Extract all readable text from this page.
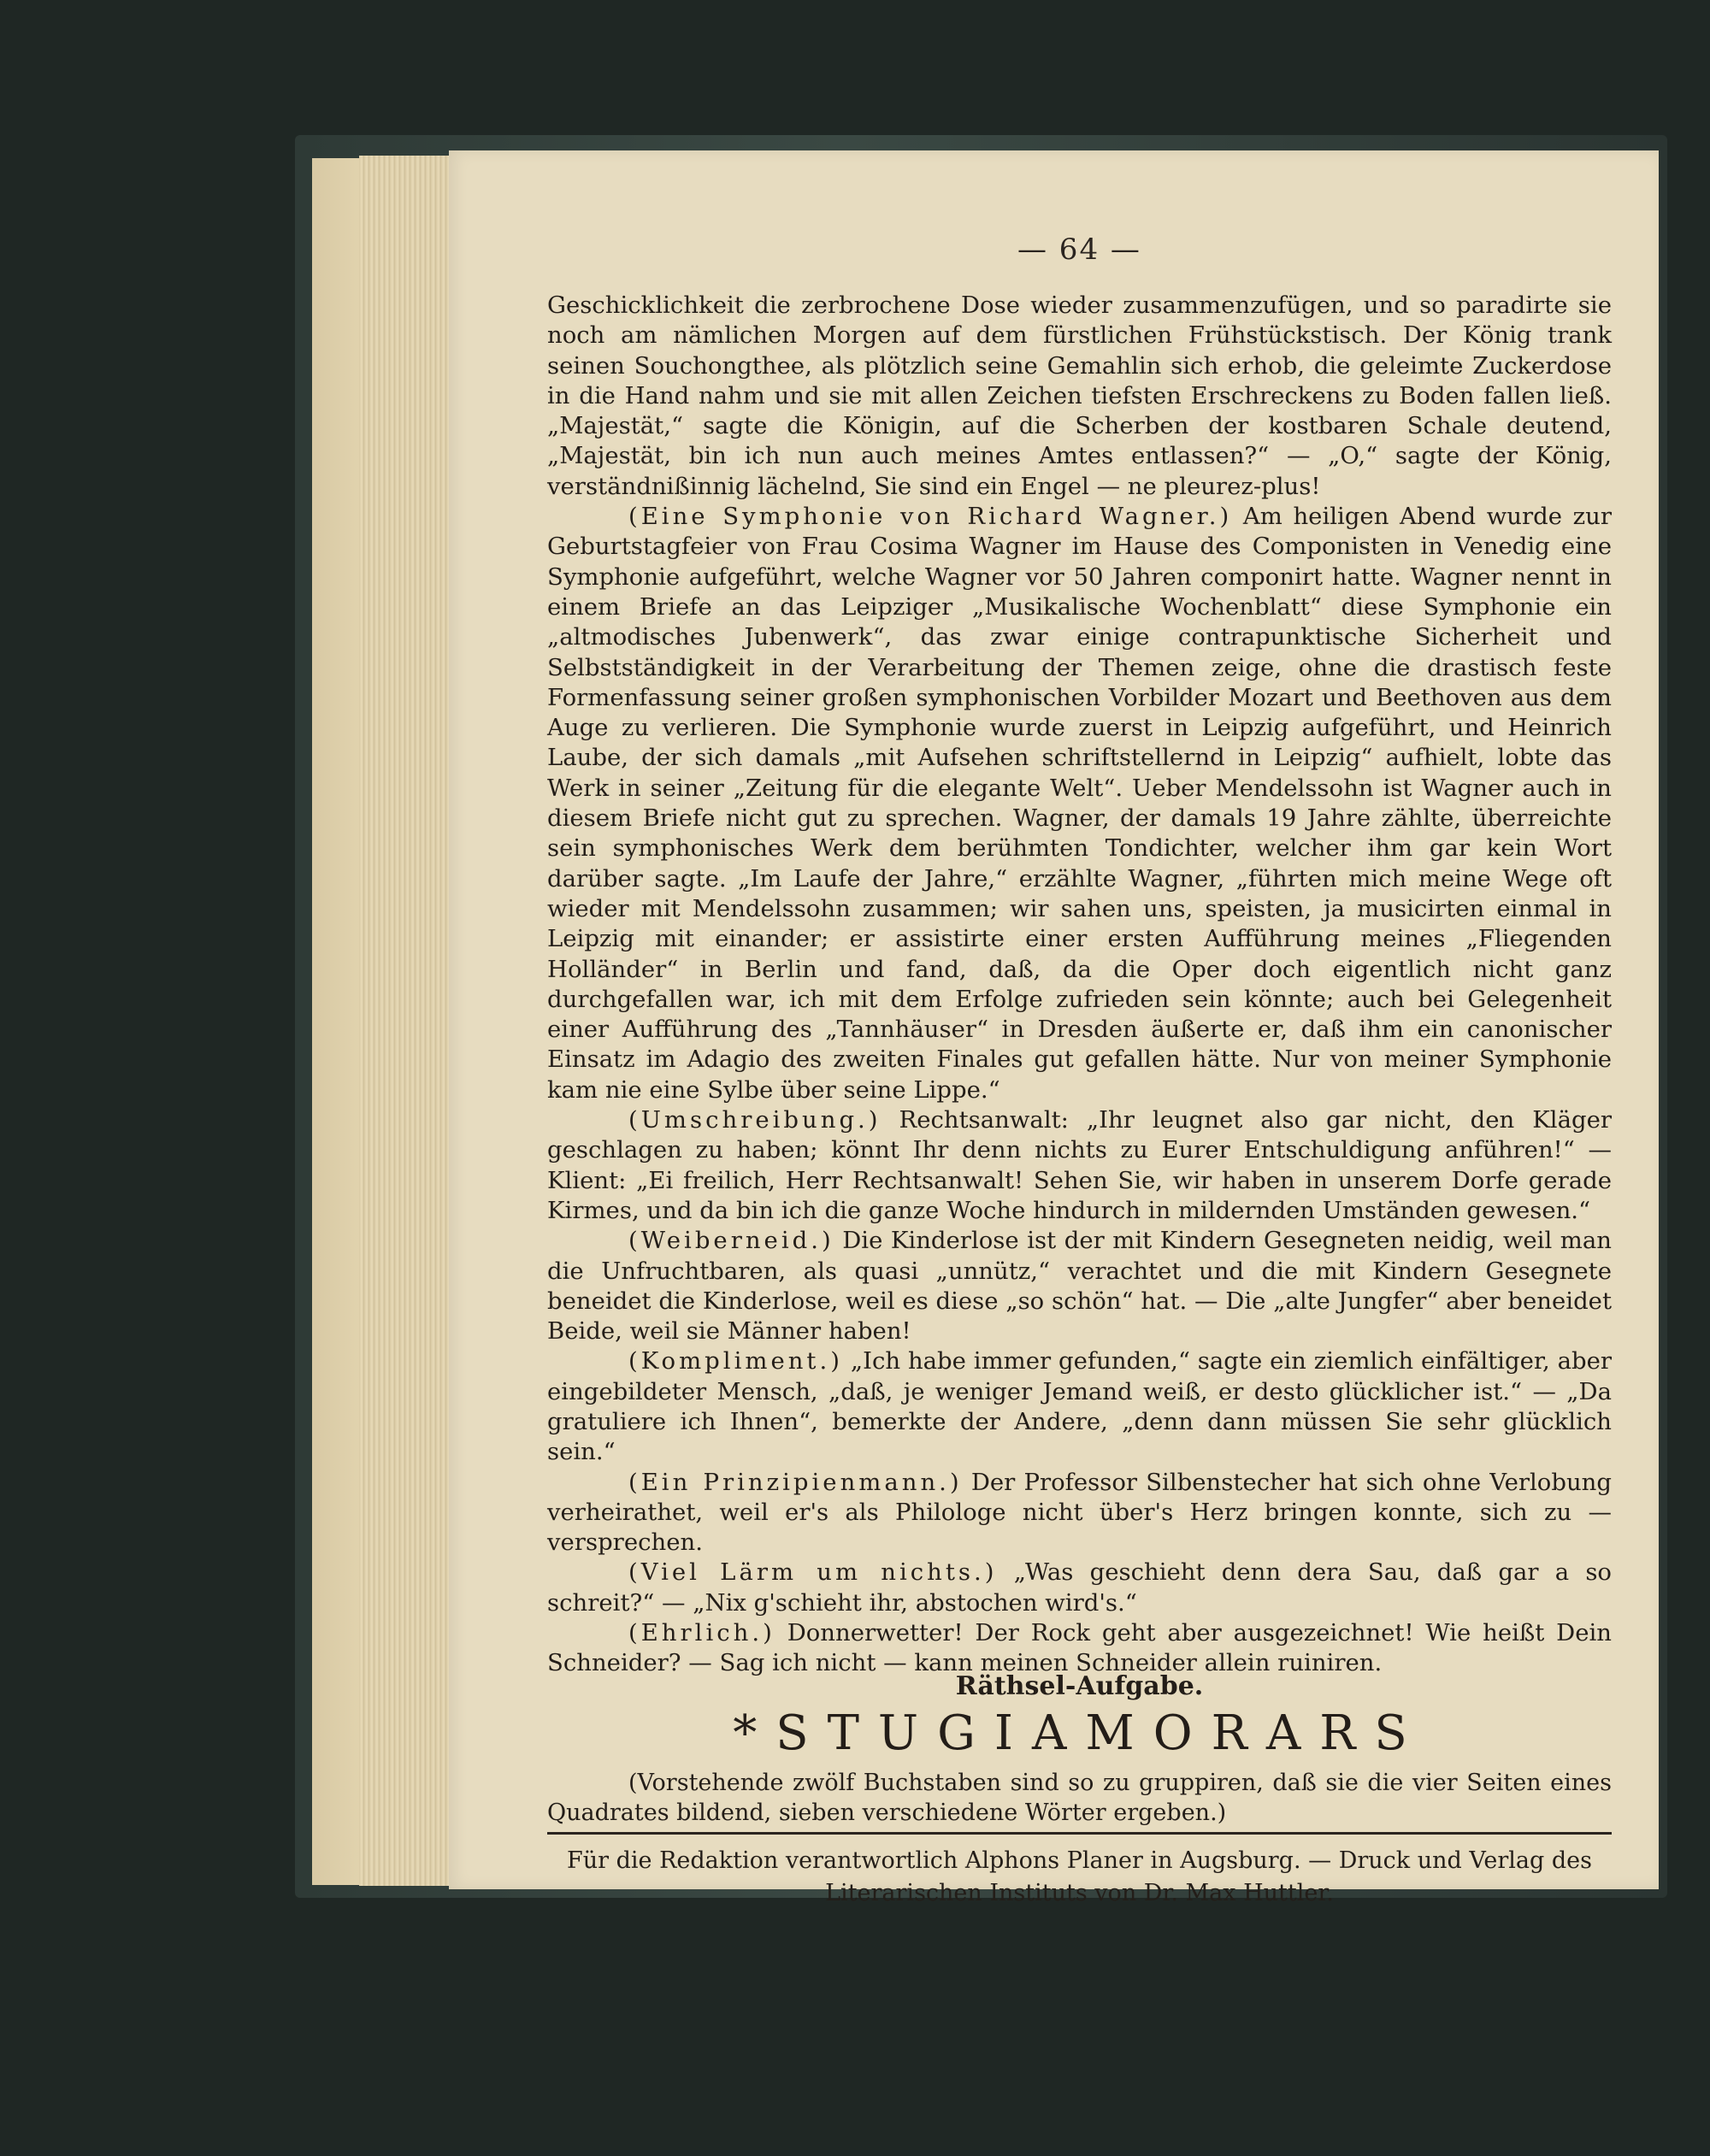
— 64 —

Geschicklichkeit die zerbrochene Dose wieder zusammenzufügen, und so paradirte sie noch am nämlichen Morgen auf dem fürstlichen Frühstückstisch. Der König trank seinen Souchongthee, als plötzlich seine Gemahlin sich erhob, die geleimte Zuckerdose in die Hand nahm und sie mit allen Zeichen tiefsten Erschreckens zu Boden fallen ließ. „Majestät,“ sagte die Königin, auf die Scherben der kostbaren Schale deutend, „Majestät, bin ich nun auch meines Amtes entlassen?“ — „O,“ sagte der König, verständnißinnig lächelnd, Sie sind ein Engel — ne pleurez-plus!

(Eine Symphonie von Richard Wagner.) Am heiligen Abend wurde zur Geburtstagfeier von Frau Cosima Wagner im Hause des Componisten in Venedig eine Symphonie aufgeführt, welche Wagner vor 50 Jahren componirt hatte. Wagner nennt in einem Briefe an das Leipziger „Musikalische Wochenblatt“ diese Symphonie ein „altmodisches Jubenwerk“, das zwar einige contrapunktische Sicherheit und Selbstständigkeit in der Verarbeitung der Themen zeige, ohne die drastisch feste Formenfassung seiner großen symphonischen Vorbilder Mozart und Beethoven aus dem Auge zu verlieren. Die Symphonie wurde zuerst in Leipzig aufgeführt, und Heinrich Laube, der sich damals „mit Aufsehen schriftstellernd in Leipzig“ aufhielt, lobte das Werk in seiner „Zeitung für die elegante Welt“. Ueber Mendelssohn ist Wagner auch in diesem Briefe nicht gut zu sprechen. Wagner, der damals 19 Jahre zählte, überreichte sein symphonisches Werk dem berühmten Tondichter, welcher ihm gar kein Wort darüber sagte. „Im Laufe der Jahre,“ erzählte Wagner, „führten mich meine Wege oft wieder mit Mendelssohn zusammen; wir sahen uns, speisten, ja musicirten einmal in Leipzig mit einander; er assistirte einer ersten Aufführung meines „Fliegenden Holländer“ in Berlin und fand, daß, da die Oper doch eigentlich nicht ganz durchgefallen war, ich mit dem Erfolge zufrieden sein könnte; auch bei Gelegenheit einer Aufführung des „Tannhäuser“ in Dresden äußerte er, daß ihm ein canonischer Einsatz im Adagio des zweiten Finales gut gefallen hätte. Nur von meiner Symphonie kam nie eine Sylbe über seine Lippe.“

(Umschreibung.) Rechtsanwalt: „Ihr leugnet also gar nicht, den Kläger geschlagen zu haben; könnt Ihr denn nichts zu Eurer Entschuldigung anführen!“ — Klient: „Ei freilich, Herr Rechtsanwalt! Sehen Sie, wir haben in unserem Dorfe gerade Kirmes, und da bin ich die ganze Woche hindurch in mildernden Umständen gewesen.“

(Weiberneid.) Die Kinderlose ist der mit Kindern Gesegneten neidig, weil man die Unfruchtbaren, als quasi „unnütz,“ verachtet und die mit Kindern Gesegnete beneidet die Kinderlose, weil es diese „so schön“ hat. — Die „alte Jungfer“ aber beneidet Beide, weil sie Männer haben!

(Kompliment.) „Ich habe immer gefunden,“ sagte ein ziemlich einfältiger, aber eingebildeter Mensch, „daß, je weniger Jemand weiß, er desto glücklicher ist.“ — „Da gratuliere ich Ihnen“, bemerkte der Andere, „denn dann müssen Sie sehr glücklich sein.“

(Ein Prinzipienmann.) Der Professor Silbenstecher hat sich ohne Verlobung verheirathet, weil er's als Philologe nicht über's Herz bringen konnte, sich zu — versprechen.

(Viel Lärm um nichts.) „Was geschieht denn dera Sau, daß gar a so schreit?“ — „Nix g'schieht ihr, abstochen wird's.“

(Ehrlich.) Donnerwetter! Der Rock geht aber ausgezeichnet! Wie heißt Dein Schneider? — Sag ich nicht — kann meinen Schneider allein ruiniren.

Räthsel-Aufgabe.
*STUGIAMORARS
(Vorstehende zwölf Buchstaben sind so zu gruppiren, daß sie die vier Seiten eines Quadrates bildend, sieben verschiedene Wörter ergeben.)
Für die Redaktion verantwortlich Alphons Planer in Augsburg. — Druck und Verlag des
Literarischen Instituts von Dr. Max Huttler.
